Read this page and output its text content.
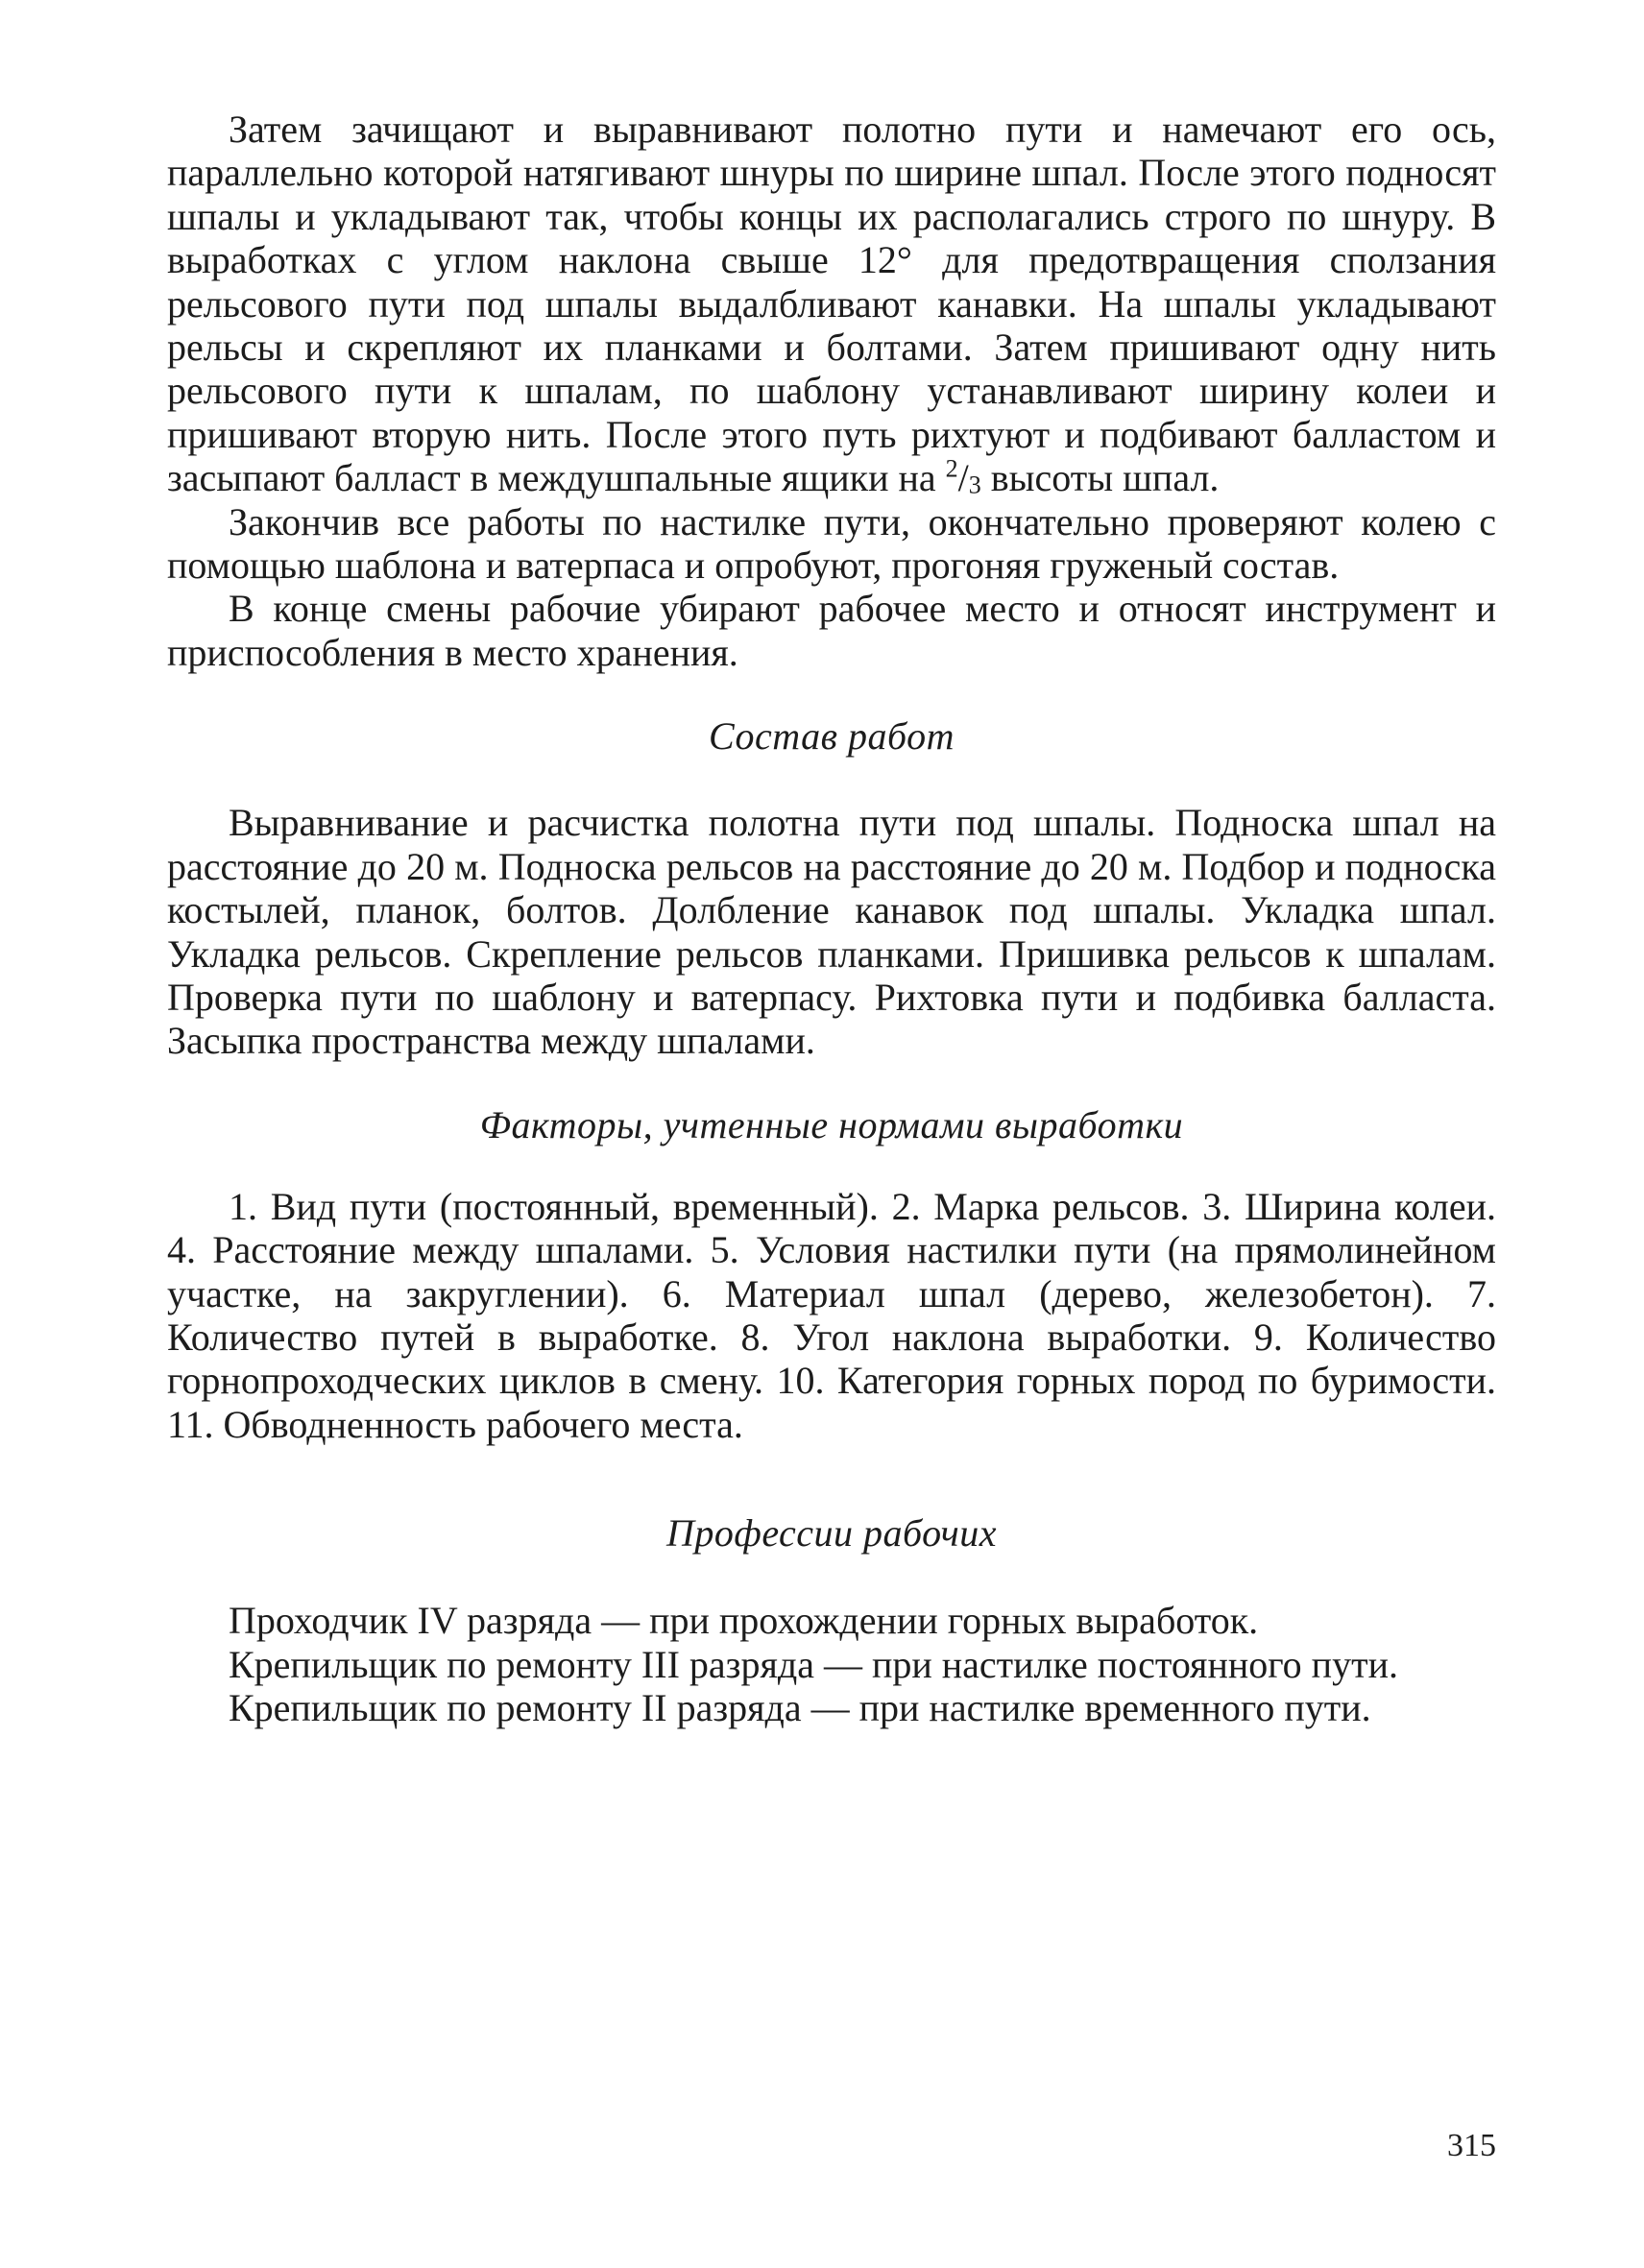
Затем зачищают и выравнивают полотно пути и намечают его ось, параллельно которой натягивают шнуры по ширине шпал. После этого подносят шпалы и укладывают так, чтобы концы их располагались строго по шнуру. В выработках с углом наклона свыше 12° для предотвращения сползания рельсового пути под шпалы выдалбливают канавки. На шпалы укладывают рельсы и скрепляют их планками и болтами. Затем пришивают одну нить рельсового пути к шпалам, по шаблону устанавливают ширину колеи и пришивают вторую нить. После этого путь рихтуют и подбивают балластом и засыпают балласт в междушпальные ящики на $^2/_3$ высоты шпал.

Закончив все работы по настилке пути, окончательно проверяют колею с помощью шаблона и ватерпаса и опробуют, прогоняя груженый состав.

В конце смены рабочие убирают рабочее место и относят инструмент и приспособления в место хранения.

Состав работ

Выравнивание и расчистка полотна пути под шпалы. Подноска шпал на расстояние до 20 м. Подноска рельсов на расстояние до 20 м. Подбор и подноска костылей, планок, болтов. Долбление канавок под шпалы. Укладка шпал. Укладка рельсов. Скрепление рельсов планками. Пришивка рельсов к шпалам. Проверка пути по шаблону и ватерпасу. Рихтовка пути и подбивка балласта. Засыпка пространства между шпалами.

Факторы, учтенные нормами выработки

1. Вид пути (постоянный, временный). 2. Марка рельсов. 3. Ширина колеи. 4. Расстояние между шпалами. 5. Условия настилки пути (на прямолинейном участке, на закруглении). 6. Материал шпал (дерево, железобетон). 7. Количество путей в выработке. 8. Угол наклона выработки. 9. Количество горнопроходческих циклов в смену. 10. Категория горных пород по буримости. 11. Обводненность рабочего места.

Профессии рабочих

Проходчик IV разряда — при прохождении горных выработок.

Крепильщик по ремонту III разряда — при настилке постоянного пути.

Крепильщик по ремонту II разряда — при настилке временного пути.

315
